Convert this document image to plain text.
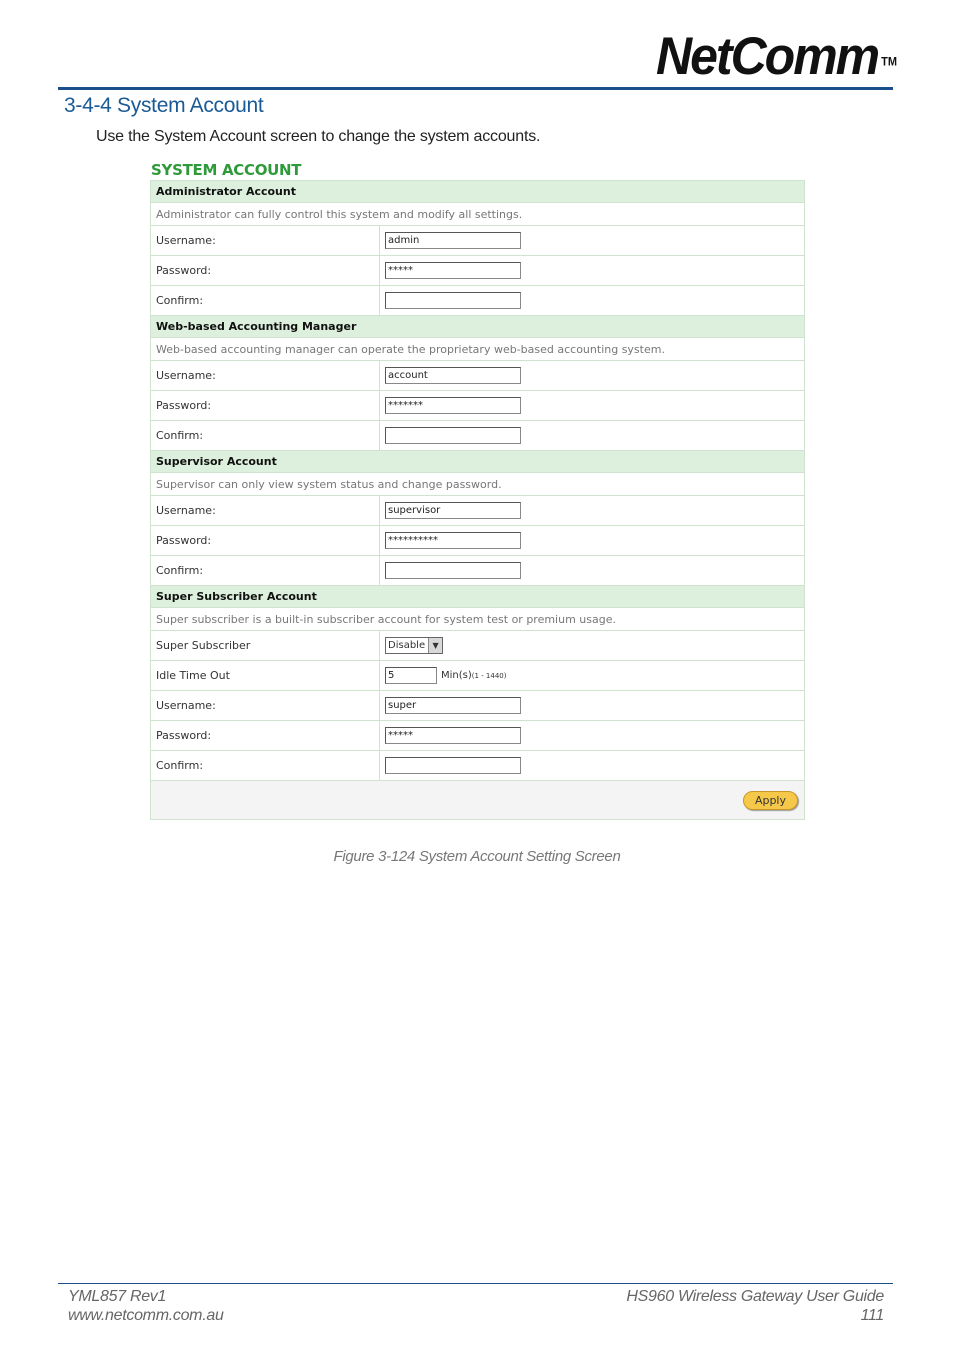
NetComm ™
3-4-4 System Account
Use the System Account screen to change the system accounts.
SYSTEM ACCOUNT
Administrator Account	
Administrator can fully control this system and modify all settings.	
Username:	admin
Password:	*****
Confirm:	
Web-based Accounting Manager	
Web-based accounting manager can operate the proprietary web-based accounting system.	
Username:	account
Password:	*******
Confirm:	
Supervisor Account	
Supervisor can only view system status and change password.	
Username:	supervisor
Password:	**********
Confirm:	
Super Subscriber Account	
Super subscriber is a built-in subscriber account for system test or premium usage.	
Super Subscriber	Disable ▼

Idle Time Out	5 Min(s)(1 - 1440)
Username:	super
Password:	*****
Confirm:	
Apply	
Figure 3-124 System Account Setting Screen
YML857 Rev1
www.netcomm.com.au
HS960 Wireless Gateway User Guide
111
